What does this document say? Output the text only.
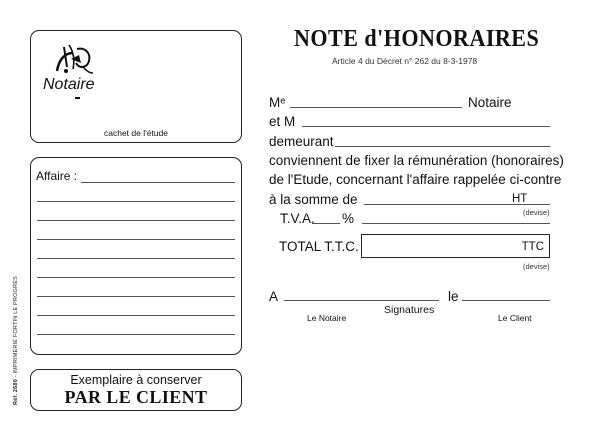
Réf. 2680 - IMPRIMERIE FORTIN LE PROGRÈS
Notaire
cachet de l'étude
Affaire :
Exemplaire à conserver
PAR LE CLIENT
NOTE d'HONORAIRES
Article 4 du Décret n° 262 du 8-3-1978
Mᵉ	Notaire
et M
demeurant
conviennent de fixer la rémunération (honoraires)
de l'Etude, concernant l'affaire rappelée ci-contre
à la somme de	HT
(devise)
T.V.A. %
TOTAL T.T.C.	TTC
(devise)
A	le
Le Notaire
Signatures
Le Client
